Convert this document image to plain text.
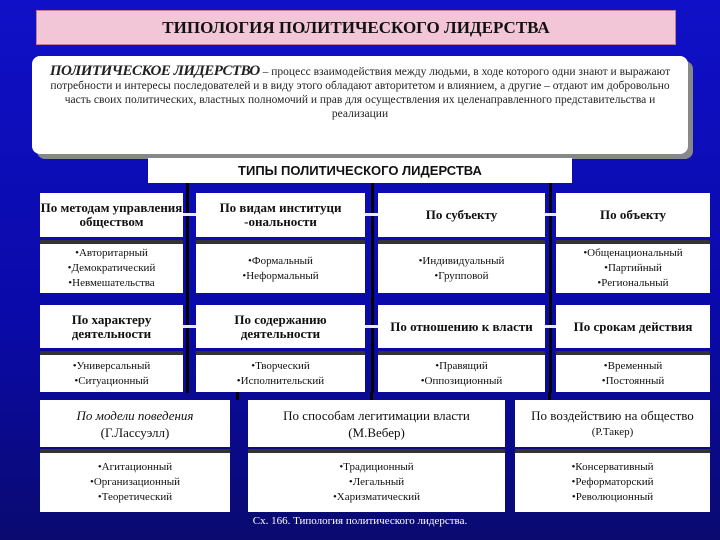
ТИПОЛОГИЯ ПОЛИТИЧЕСКОГО ЛИДЕРСТВА
ПОЛИТИЧЕСКОЕ ЛИДЕРСТВО – процесс взаимодействия между людьми, в ходе которого одни знают и выражают потребности и интересы последователей и в виду этого обладают авторитетом и влиянием, а другие – отдают им добровольно часть своих политических, властных полномочий и прав для осуществления их целенаправленного представительства и реализации
ТИПЫ ПОЛИТИЧЕСКОГО ЛИДЕРСТВА
По методам управления обществом
•Авторитарный
•Демократический
•Невмешательства
По видам институци -ональности
•Формальный
•Неформальный
По субъекту
•Индивидуальный
•Групповой
По объекту
•Общенациональный
•Партийный
•Региональный
По характеру деятельности
•Универсальный
•Ситуационный
По содержанию деятельности
•Творческий
•Исполнительский
По отношению к власти
•Правящий
•Оппозиционный
По срокам действия
•Временный
•Постоянный
По модели поведения
(Г.Лассуэлл)
•Агитационный
•Организационный
•Теоретический
По способам легитимации власти
(М.Вебер)
•Традиционный
•Легальный
•Харизматический
По воздействию на общество
(Р.Такер)
•Консервативный
•Реформаторский
•Революционный
Сх. 166. Типология политического лидерства.
